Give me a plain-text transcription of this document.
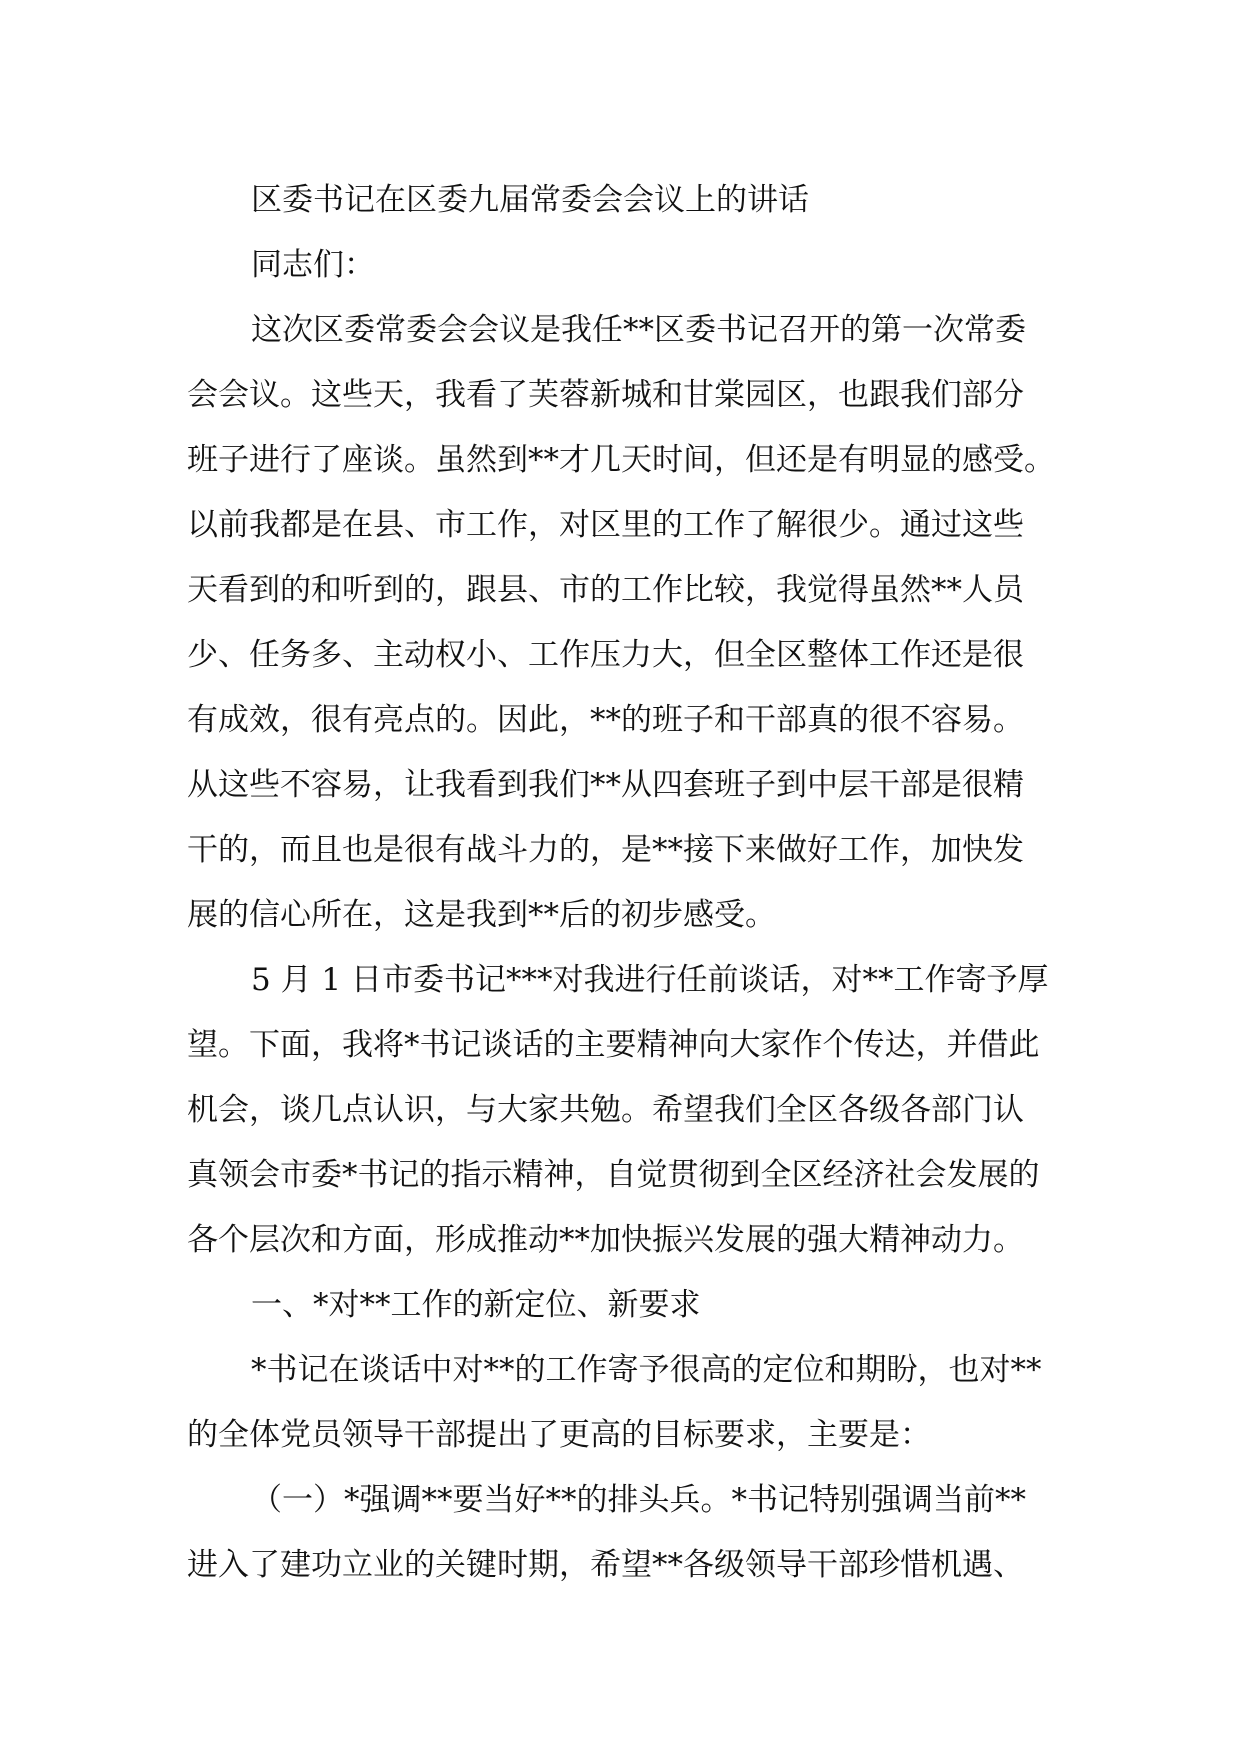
区委书记在区委九届常委会会议上的讲话
同志们：
这次区委常委会会议是我任**区委书记召开的第一次常委
会会议。这些天，我看了芙蓉新城和甘棠园区，也跟我们部分
班子进行了座谈。虽然到**才几天时间，但还是有明显的感受。
以前我都是在县、市工作，对区里的工作了解很少。通过这些
天看到的和听到的，跟县、市的工作比较，我觉得虽然**人员
少、任务多、主动权小、工作压力大，但全区整体工作还是很
有成效，很有亮点的。因此，**的班子和干部真的很不容易。
从这些不容易，让我看到我们**从四套班子到中层干部是很精
干的，而且也是很有战斗力的，是**接下来做好工作，加快发
展的信心所在，这是我到**后的初步感受。
5 月 1 日市委书记***对我进行任前谈话，对**工作寄予厚
望。下面，我将*书记谈话的主要精神向大家作个传达，并借此
机会，谈几点认识，与大家共勉。希望我们全区各级各部门认
真领会市委*书记的指示精神，自觉贯彻到全区经济社会发展的
各个层次和方面，形成推动**加快振兴发展的强大精神动力。
一、*对**工作的新定位、新要求
*书记在谈话中对**的工作寄予很高的定位和期盼，也对**
的全体党员领导干部提出了更高的目标要求，主要是：
（一）*强调**要当好**的排头兵。*书记特别强调当前**
进入了建功立业的关键时期，希望**各级领导干部珍惜机遇、
